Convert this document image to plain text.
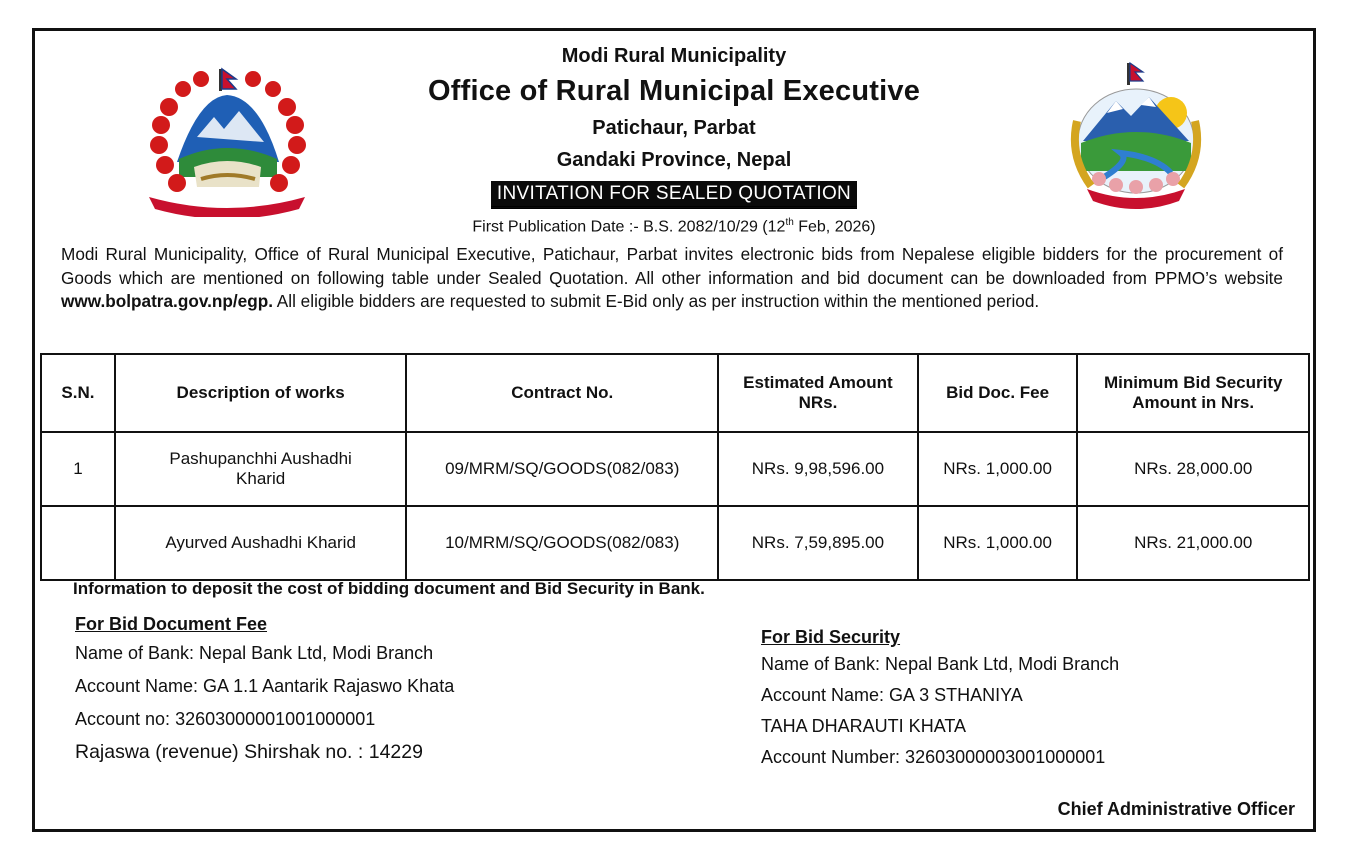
Modi Rural Municipality
Office of Rural Municipal Executive
Patichaur, Parbat
Gandaki Province, Nepal
INVITATION FOR SEALED QUOTATION
First Publication Date :- B.S. 2082/10/29 (12th Feb, 2026)
Modi Rural Municipality, Office of Rural Municipal Executive, Patichaur, Parbat invites electronic bids from Nepalese eligible bidders for the procurement of Goods which are mentioned on following table under Sealed Quotation. All other information and bid document can be downloaded from PPMO’s website www.bolpatra.gov.np/egp. All eligible bidders are requested to submit E-Bid only as per instruction within the mentioned period.
S.N.	Description of works	Contract No.	Estimated Amount NRs.	Bid Doc. Fee	Minimum Bid Security Amount in Nrs.
1	Pashupanchhi Aushadhi Kharid	09/MRM/SQ/GOODS(082/083)	NRs. 9,98,596.00	NRs. 1,000.00	NRs. 28,000.00
	Ayurved Aushadhi Kharid	10/MRM/SQ/GOODS(082/083)	NRs. 7,59,895.00	NRs. 1,000.00	NRs. 21,000.00
Information to deposit the cost of bidding document and Bid Security in Bank.
For Bid Document Fee
Name of Bank: Nepal Bank Ltd, Modi Branch
Account Name: GA 1.1 Aantarik Rajaswo Khata
Account no: 32603000001001000001
Rajaswa (revenue) Shirshak no. : 14229
For Bid Security
Name of Bank: Nepal Bank Ltd, Modi Branch
Account Name: GA 3 STHANIYA
TAHA DHARAUTI KHATA
Account Number: 32603000003001000001
Chief Administrative Officer
